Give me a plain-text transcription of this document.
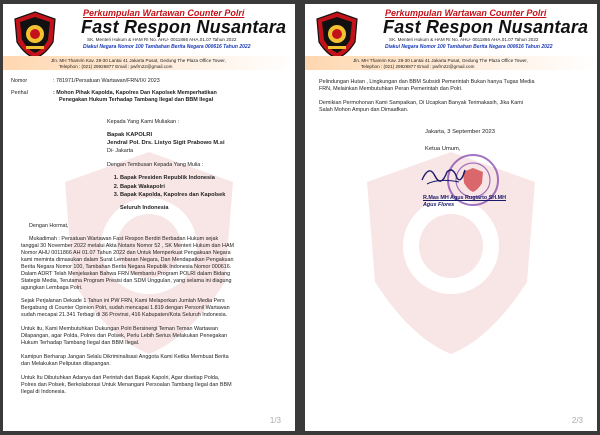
Perkumpulan Wartawan Counter Polri
Fast Respon Nusantara
SK. Menteri Hukum & HAM RI No. AHU- 0011866 AHA.01.07 Tahun 2022
Diakui Negara Nomor 100 Tambahan Berita Negara 000616 Tahun 2022
Jln. MH Thamrin Kav. 28-30 Lantai 41 Jakarta Pusat, Gedung The Plaza Office Tower,
Telephon : (021) 29926877 Email : pwfrn22@gmail.com
Nomor	: 781971/Persatuan Wartawan/FRN/IX/ 2023
Perihal	: Mohon Pihak Kapolda, Kapolres Dan Kapolsek Memperhatikan
Penegakan Hukum Terhadap Tambang Ilegal dan BBM Ilegal
Kepada Yang Kami Muliakan :
Bapak KAPOLRI
Jendral Pol. Drs. Listyo Sigit Prabowo M.si
Di- Jakarta
Dengan Tembusan Kepada Yang Mulia :
1. Bapak Presiden Republik Indonesia
2. Bapak Wakapolri
3. Bapak Kapolda, Kapolres dan Kapolsek
Seluruh Indonesia
Dengan Hormat,
Mukadimah : Persatuan Wartawan Fast Respon Berdiri Berbadan Hukum sejak
tanggal 30 November 2022 melalui Akta Notaris Nomor 52 , SK Menteri Hukum dan HAM
Nomor AHU 0011866 AH 01.07 Tahun 2022 dan Untuk Memperkuat Pengakuan Negara
kami meminta dimasukan dalam Surat Lembaran Negara, Dan Mendapatkan Pengakuan
Berita Negara Nomor 100, Tambahan Berita Negara Republik Indonesia Nomor 000616.
Dalam ADRT Telah Menjelaskan Bahwa FRN Membantu Program POLRI dalam Bidang
Stategis Media, Terutama Program Presisi dan SDM Unggulan, yang selama ini diagung
agungkan Lembaga Polri.
Sejak Perjalanan Dekade 1 Tahun ini PW FRN, Kami Melaporkan Jumlah Media Pers
Bergabung di Counter Opinion Polri, sudah mencapai 1.819 dengan Personil Wartawan
sudah mecapai 21.341 Terbagi di 36 Provinsi, 416 Kabupaten/Kota Seluruh Indonesia.
Untuk itu, Kami Membutuhkan Dukungan Polri Bersinergi Teman Teman Wartawan
Dilapangan, agar Polda, Polres dan Polsek, Perlu Lebih Serius Melakukan Penegakan
Hukum Terhadap Tambang Ilegal dan BBM Ilegal.
Kamipun Berharap Jangan Selalu Dikriminalisasi Anggota Kami Ketika Membuat Berita
dan Melakukan Peliputan dilapangan.
Untuk Itu Dibutuhkan Adanya dari Perintah dari Bapak Kapolri, Agar disetiap Polda,
Polres dan Polsek, Berkolaborasi Untuk Menangani Persoalan Tambang Ilegal dan BBM
Ilegal di Indonesia.
1/3
Perkumpulan Wartawan Counter Polri
Fast Respon Nusantara
SK. Menteri Hukum & HAM RI No. AHU- 0011866 AHA.01.07 Tahun 2022
Diakui Negara Nomor 100 Tambahan Berita Negara 000616 Tahun 2022
Jln. MH Thamrin Kav. 28-30 Lantai 41 Jakarta Pusat, Gedung The Plaza Office Tower,
Telephon : (021) 29926877 Email : pwfrn22@gmail.com
Pelindungan Hutan , Lingkungan dan BBM Subsidi Pemerintah Bukan hanya Tugas Media
FRN, Melainkan Membutuhkan Peran Pemerintah dan Polri.
Demikian Permohonan Kami Sampaikan, Di Ucapkan Banyak Terimakasih, Jika Kami
Salah Mohon Ampun dan Dimaafkan.
Jakarta, 3 September 2023
Ketua Umum,
R.Mas MH Agus Rugiarto SH.MH
Agus Flores
2/3
